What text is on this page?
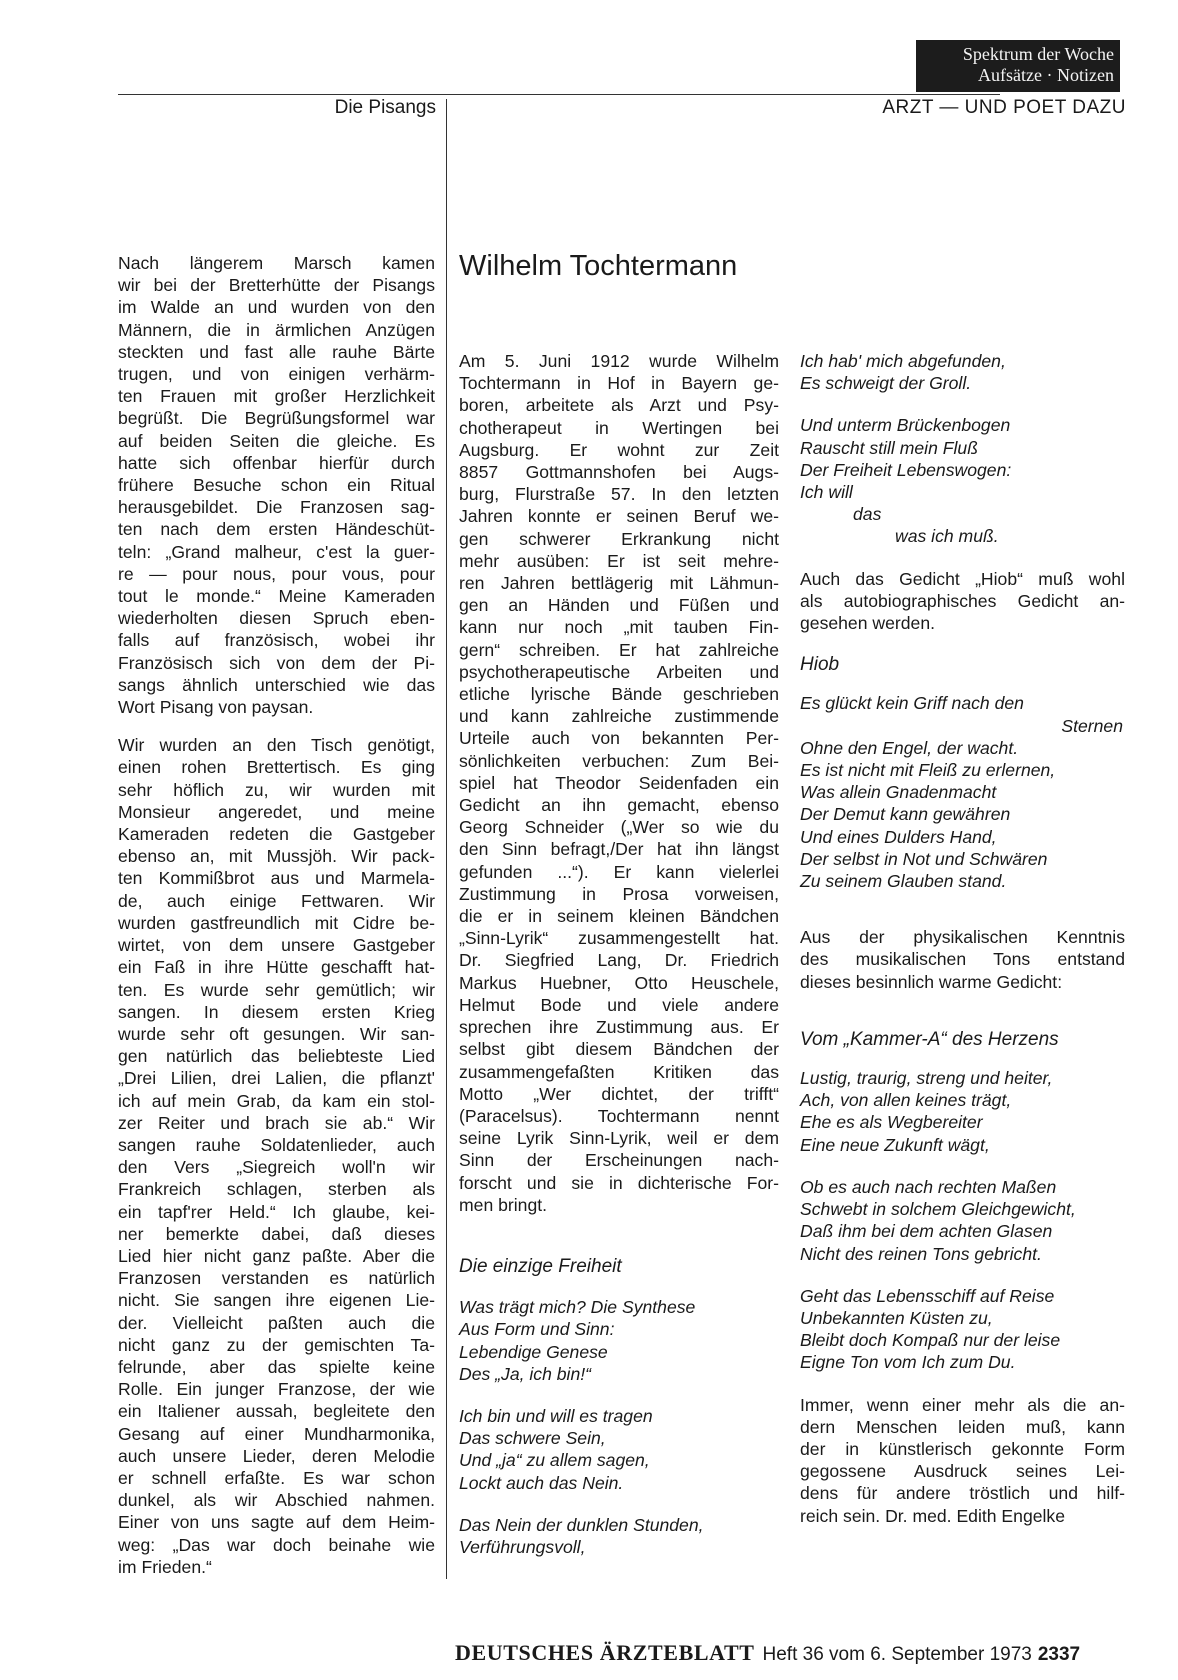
Spektrum der Woche
Aufsätze · Notizen
Die Pisangs	ARZT — UND POET DAZU
Nach längerem Marsch kamen
wir bei der Bretterhütte der Pisangs
im Walde an und wurden von den
Männern, die in ärmlichen Anzügen
steckten und fast alle rauhe Bärte
trugen, und von einigen verhärm-
ten Frauen mit großer Herzlichkeit
begrüßt. Die Begrüßungsformel war
auf beiden Seiten die gleiche. Es
hatte sich offenbar hierfür durch
frühere Besuche schon ein Ritual
herausgebildet. Die Franzosen sag-
ten nach dem ersten Händeschüt-
teln: „Grand malheur, c'est la guer-
re — pour nous, pour vous, pour
tout le monde.“ Meine Kameraden
wiederholten diesen Spruch eben-
falls auf französisch, wobei ihr
Französisch sich von dem der Pi-
sangs ähnlich unterschied wie das
Wort Pisang von paysan.
Wir wurden an den Tisch genötigt,
einen rohen Brettertisch. Es ging
sehr höflich zu, wir wurden mit
Monsieur angeredet, und meine
Kameraden redeten die Gastgeber
ebenso an, mit Mussjöh. Wir pack-
ten Kommißbrot aus und Marmela-
de, auch einige Fettwaren. Wir
wurden gastfreundlich mit Cidre be-
wirtet, von dem unsere Gastgeber
ein Faß in ihre Hütte geschafft hat-
ten. Es wurde sehr gemütlich; wir
sangen. In diesem ersten Krieg
wurde sehr oft gesungen. Wir san-
gen natürlich das beliebteste Lied
„Drei Lilien, drei Lalien, die pflanzt'
ich auf mein Grab, da kam ein stol-
zer Reiter und brach sie ab.“ Wir
sangen rauhe Soldatenlieder, auch
den Vers „Siegreich woll'n wir
Frankreich schlagen, sterben als
ein tapf'rer Held.“ Ich glaube, kei-
ner bemerkte dabei, daß dieses
Lied hier nicht ganz paßte. Aber die
Franzosen verstanden es natürlich
nicht. Sie sangen ihre eigenen Lie-
der. Vielleicht paßten auch die
nicht ganz zu der gemischten Ta-
felrunde, aber das spielte keine
Rolle. Ein junger Franzose, der wie
ein Italiener aussah, begleitete den
Gesang auf einer Mundharmonika,
auch unsere Lieder, deren Melodie
er schnell erfaßte. Es war schon
dunkel, als wir Abschied nahmen.
Einer von uns sagte auf dem Heim-
weg: „Das war doch beinahe wie
im Frieden.“
Wilhelm Tochtermann
Am 5. Juni 1912 wurde Wilhelm
Tochtermann in Hof in Bayern ge-
boren, arbeitete als Arzt und Psy-
chotherapeut in Wertingen bei
Augsburg. Er wohnt zur Zeit
8857 Gottmannshofen bei Augs-
burg, Flurstraße 57. In den letzten
Jahren konnte er seinen Beruf we-
gen schwerer Erkrankung nicht
mehr ausüben: Er ist seit mehre-
ren Jahren bettlägerig mit Lähmun-
gen an Händen und Füßen und
kann nur noch „mit tauben Fin-
gern“ schreiben. Er hat zahlreiche
psychotherapeutische Arbeiten und
etliche lyrische Bände geschrieben
und kann zahlreiche zustimmende
Urteile auch von bekannten Per-
sönlichkeiten verbuchen: Zum Bei-
spiel hat Theodor Seidenfaden ein
Gedicht an ihn gemacht, ebenso
Georg Schneider („Wer so wie du
den Sinn befragt,/Der hat ihn längst
gefunden ...“). Er kann vielerlei
Zustimmung in Prosa vorweisen,
die er in seinem kleinen Bändchen
„Sinn-Lyrik“ zusammengestellt hat.
Dr. Siegfried Lang, Dr. Friedrich
Markus Huebner, Otto Heuschele,
Helmut Bode und viele andere
sprechen ihre Zustimmung aus. Er
selbst gibt diesem Bändchen der
zusammengefaßten Kritiken das
Motto „Wer dichtet, der trifft“
(Paracelsus). Tochtermann nennt
seine Lyrik Sinn-Lyrik, weil er dem
Sinn der Erscheinungen nach-
forscht und sie in dichterische For-
men bringt.
Die einzige Freiheit
Was trägt mich? Die Synthese
Aus Form und Sinn:
Lebendige Genese
Des „Ja, ich bin!“
Ich bin und will es tragen
Das schwere Sein,
Und „ja“ zu allem sagen,
Lockt auch das Nein.
Das Nein der dunklen Stunden,
Verführungsvoll,
Ich hab' mich abgefunden,
Es schweigt der Groll.
Und unterm Brückenbogen
Rauscht still mein Fluß
Der Freiheit Lebenswogen:
Ich will
das
was ich muß.
Auch das Gedicht „Hiob“ muß wohl
als autobiographisches Gedicht an-
gesehen werden.
Hiob
Es glückt kein Griff nach den
Sternen
Ohne den Engel, der wacht.
Es ist nicht mit Fleiß zu erlernen,
Was allein Gnadenmacht
Der Demut kann gewähren
Und eines Dulders Hand,
Der selbst in Not und Schwären
Zu seinem Glauben stand.
Aus der physikalischen Kenntnis
des musikalischen Tons entstand
dieses besinnlich warme Gedicht:
Vom „Kammer-A“ des Herzens
Lustig, traurig, streng und heiter,
Ach, von allen keines trägt,
Ehe es als Wegbereiter
Eine neue Zukunft wägt,
Ob es auch nach rechten Maßen
Schwebt in solchem Gleichgewicht,
Daß ihm bei dem achten Glasen
Nicht des reinen Tons gebricht.
Geht das Lebensschiff auf Reise
Unbekannten Küsten zu,
Bleibt doch Kompaß nur der leise
Eigne Ton vom Ich zum Du.
Immer, wenn einer mehr als die an-
dern Menschen leiden muß, kann
der in künstlerisch gekonnte Form
gegossene Ausdruck seines Lei-
dens für andere tröstlich und hilf-
reich sein. Dr. med. Edith Engelke
DEUTSCHES ÄRZTEBLATT Heft 36 vom 6. September 1973 2337
